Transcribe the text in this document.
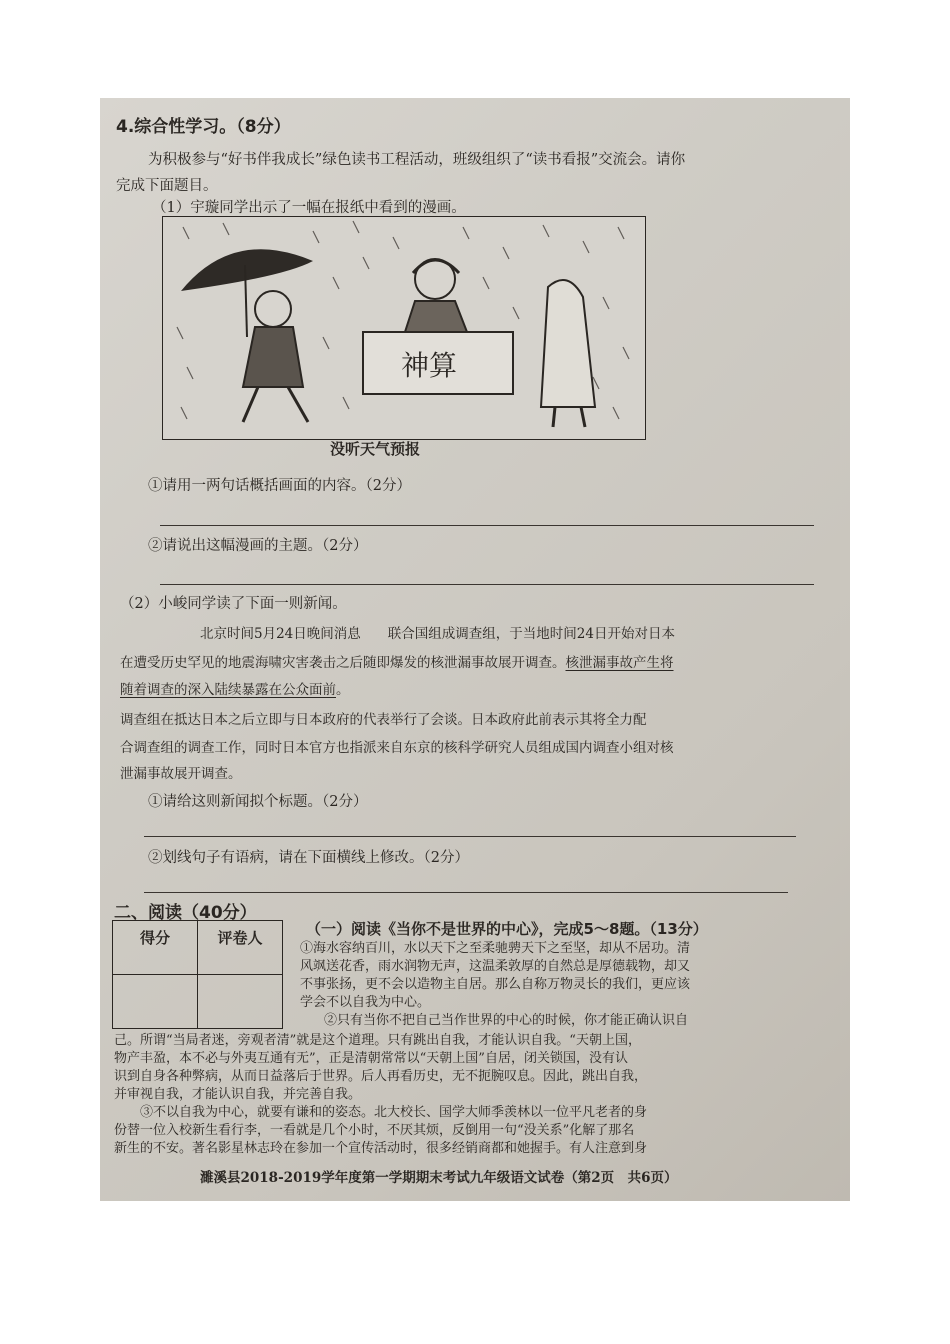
4.综合性学习。（8分）
为积极参与“好书伴我成长”绿色读书工程活动，班级组织了“读书看报”交流会。请你
完成下面题目。
（1）宇璇同学出示了一幅在报纸中看到的漫画。
神算
没听天气预报
①请用一两句话概括画面的内容。（2分）
②请说出这幅漫画的主题。（2分）
（2）小峻同学读了下面一则新闻。
北京时间5月24日晚间消息　　联合国组成调查组，于当地时间24日开始对日本
在遭受历史罕见的地震海啸灾害袭击之后随即爆发的核泄漏事故展开调查。核泄漏事故产生将
随着调查的深入陆续暴露在公众面前。
调查组在抵达日本之后立即与日本政府的代表举行了会谈。日本政府此前表示其将全力配
合调查组的调查工作，同时日本官方也指派来自东京的核科学研究人员组成国内调查小组对核
泄漏事故展开调查。
①请给这则新闻拟个标题。（2分）
②划线句子有语病，请在下面横线上修改。（2分）
二、阅读（40分）
得分	评卷人
		（一）阅读《当你不是世界的中心》，完成5～8题。（13分）
①海水容纳百川，水以天下之至柔驰骋天下之至坚，却从不居功。清
风飒送花香，雨水润物无声，这温柔敦厚的自然总是厚德载物，却又
不事张扬，更不会以造物主自居。那么自称万物灵长的我们，更应该
学会不以自我为中心。
②只有当你不把自己当作世界的中心的时候，你才能正确认识自
己。所谓“当局者迷，旁观者清”就是这个道理。只有跳出自我，才能认识自我。“天朝上国，
物产丰盈，本不必与外夷互通有无”，正是清朝常常以“天朝上国”自居，闭关锁国，没有认
识到自身各种弊病，从而日益落后于世界。后人再看历史，无不扼腕叹息。因此，跳出自我，
并审视自我，才能认识自我，并完善自我。
③不以自我为中心，就要有谦和的姿态。北大校长、国学大师季羡林以一位平凡老者的身
份替一位入校新生看行李，一看就是几个小时，不厌其烦，反倒用一句“没关系”化解了那名
新生的不安。著名影星林志玲在参加一个宣传活动时，很多经销商都和她握手。有人注意到身
濉溪县2018-2019学年度第一学期期末考试九年级语文试卷（第2页　共6页）
